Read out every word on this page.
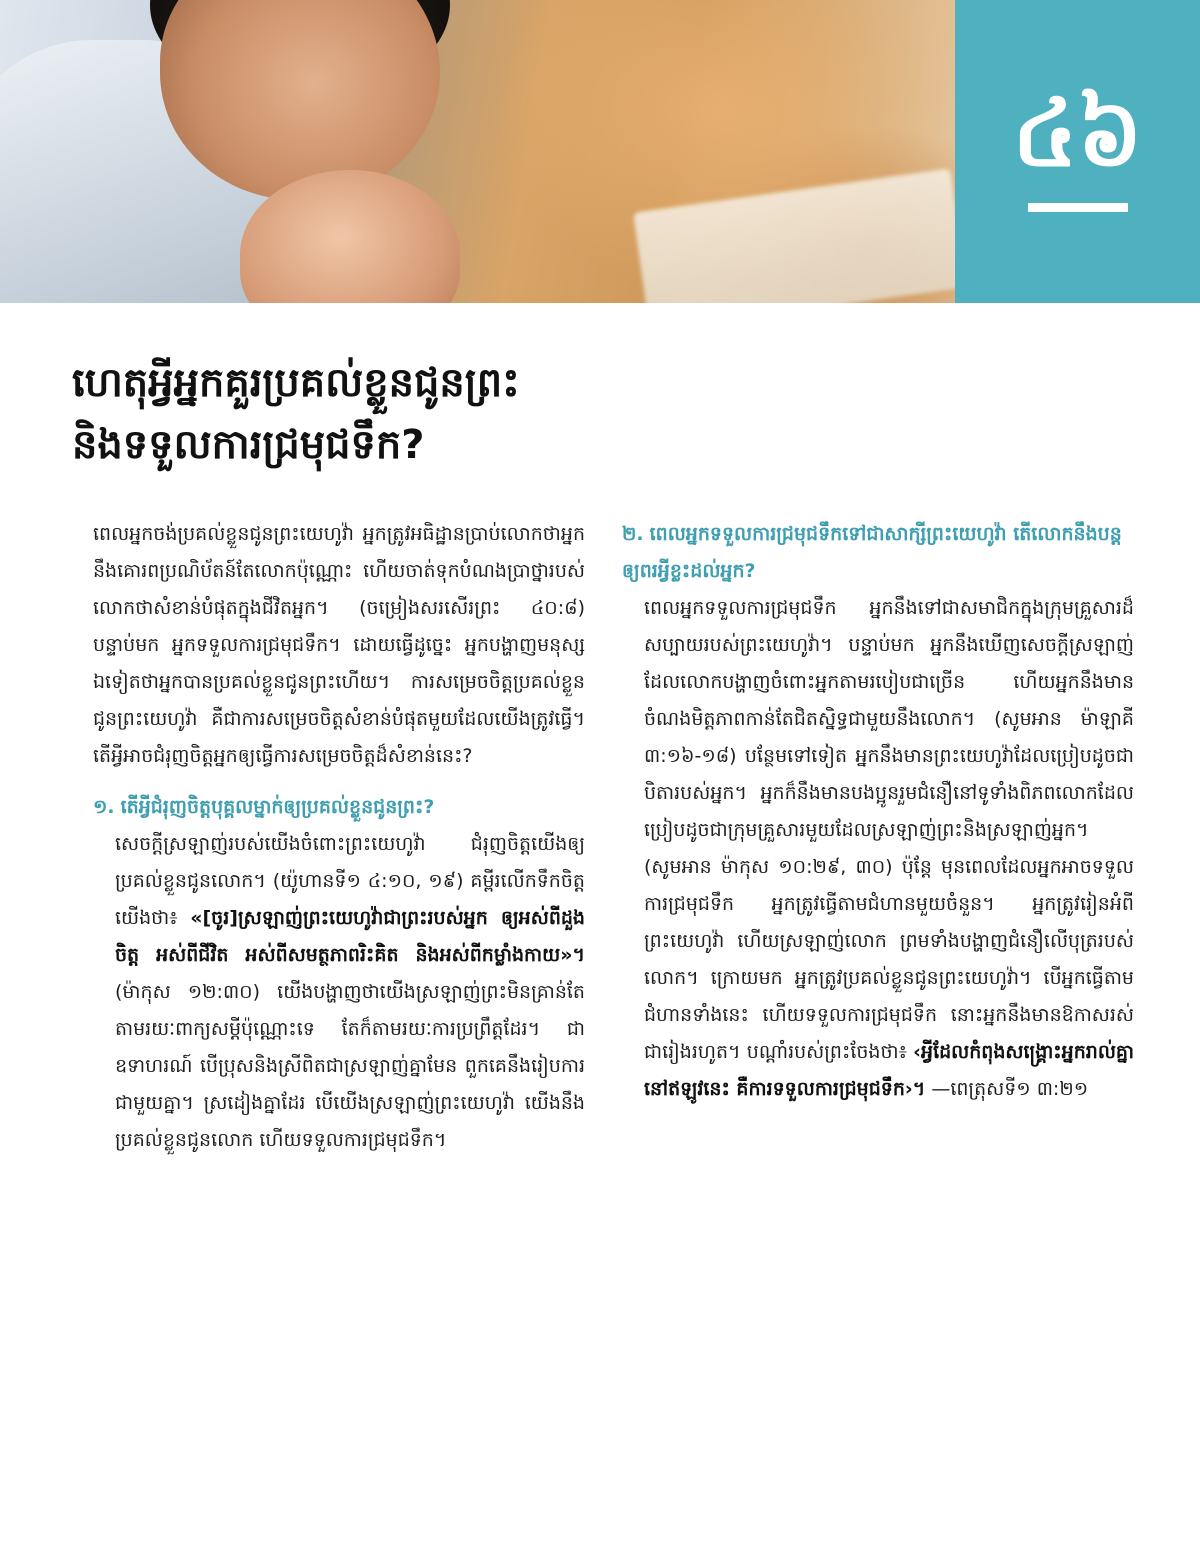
៤៦
ហេតុអ្វីអ្នកគួរប្រគល់ខ្លួនជូនព្រះ
និងទទួលការជ្រមុជទឹក?

ពេលអ្នកចង់ប្រគល់ខ្លួនជូនព្រះយេហូវ៉ា អ្នកត្រូវអធិដ្ឋានប្រាប់លោកថាអ្នកនឹងគោរពប្រណិប័តន៍តែលោកប៉ុណ្ណោះ ហើយចាត់ទុកបំណងប្រាថ្នារបស់លោកថាសំខាន់បំផុតក្នុងជីវិតអ្នក។ (ចម្រៀងសរសើរព្រះ ៤០:៨) បន្ទាប់មក អ្នកទទួលការជ្រមុជទឹក។ ដោយធ្វើដូច្នេះ អ្នកបង្ហាញមនុស្សឯទៀតថាអ្នកបានប្រគល់ខ្លួនជូនព្រះហើយ។ ការសម្រេចចិត្តប្រគល់ខ្លួនជូនព្រះយេហូវ៉ា គឺជាការសម្រេចចិត្តសំខាន់បំផុតមួយដែលយើងត្រូវធ្វើ។ តើអ្វីអាចជំរុញចិត្តអ្នកឲ្យធ្វើការសម្រេចចិត្តដ៏សំខាន់នេះ?

១. តើអ្វីជំរុញចិត្តបុគ្គលម្នាក់ឲ្យប្រគល់ខ្លួនជូនព្រះ?

សេចក្ដីស្រឡាញ់របស់យើងចំពោះព្រះយេហូវ៉ា ជំរុញចិត្តយើងឲ្យប្រគល់ខ្លួនជូនលោក។ (យ៉ូហានទី១ ៤:១០, ១៩) គម្ពីរលើកទឹកចិត្តយើងថា៖ «[ចូរ]ស្រឡាញ់ព្រះយេហូវ៉ាជាព្រះរបស់អ្នក ឲ្យអស់ពីដួងចិត្ត អស់ពីជីវិត អស់ពីសមត្ថភាពរិះគិត និងអស់ពីកម្លាំងកាយ»។ (ម៉ាកុស ១២:៣០) យើងបង្ហាញថាយើងស្រឡាញ់ព្រះមិនគ្រាន់តែតាមរយៈពាក្យសម្ដីប៉ុណ្ណោះទេ តែក៏តាមរយៈការប្រព្រឹត្តដែរ។ ជាឧទាហរណ៍ បើប្រុសនិងស្រីពិតជាស្រឡាញ់គ្នាមែន ពួកគេនឹងរៀបការជាមួយគ្នា។ ស្រដៀងគ្នាដែរ បើយើងស្រឡាញ់ព្រះយេហូវ៉ា យើងនឹងប្រគល់ខ្លួនជូនលោក ហើយទទួលការជ្រមុជទឹក។

២. ពេលអ្នកទទួលការជ្រមុជទឹកទៅជាសាក្សីព្រះយេហូវ៉ា តើលោកនឹងបន្តឲ្យពរអ្វីខ្លះដល់អ្នក?

ពេលអ្នកទទួលការជ្រមុជទឹក អ្នកនឹងទៅជាសមាជិកក្នុងក្រុមគ្រួសារដ៏សប្បាយរបស់ព្រះយេហូវ៉ា។ បន្ទាប់មក អ្នកនឹងឃើញសេចក្ដីស្រឡាញ់ដែលលោកបង្ហាញចំពោះអ្នកតាមរបៀបជាច្រើន ហើយអ្នកនឹងមានចំណងមិត្តភាពកាន់តែជិតស្និទ្ធជាមួយនឹងលោក។ (សូមអាន ម៉ាឡាគី ៣:១៦-១៨) បន្ថែមទៅទៀត អ្នកនឹងមានព្រះយេហូវ៉ាដែលប្រៀបដូចជាបិតារបស់អ្នក។ អ្នកក៏នឹងមានបងប្អូនរួមជំនឿនៅទូទាំងពិភពលោកដែលប្រៀបដូចជាក្រុមគ្រួសារមួយដែលស្រឡាញ់ព្រះនិងស្រឡាញ់អ្នក។ (សូមអាន ម៉ាកុស ១០:២៩, ៣០) ប៉ុន្តែ មុនពេលដែលអ្នកអាចទទួលការជ្រមុជទឹក អ្នកត្រូវធ្វើតាមជំហានមួយចំនួន។ អ្នកត្រូវរៀនអំពីព្រះយេហូវ៉ា ហើយស្រឡាញ់លោក ព្រមទាំងបង្ហាញជំនឿលើបុត្ររបស់លោក។ ក្រោយមក អ្នកត្រូវប្រគល់ខ្លួនជូនព្រះយេហូវ៉ា។ បើអ្នកធ្វើតាមជំហានទាំងនេះ ហើយទទួលការជ្រមុជទឹក នោះអ្នកនឹងមានឱកាសរស់ជារៀងរហូត។ បណ្ដាំរបស់ព្រះចែងថា៖ ‹អ្វីដែលកំពុងសង្គ្រោះអ្នករាល់គ្នានៅឥឡូវនេះ គឺការទទួលការជ្រមុជទឹក›។ —ពេត្រុសទី១ ៣:២១
